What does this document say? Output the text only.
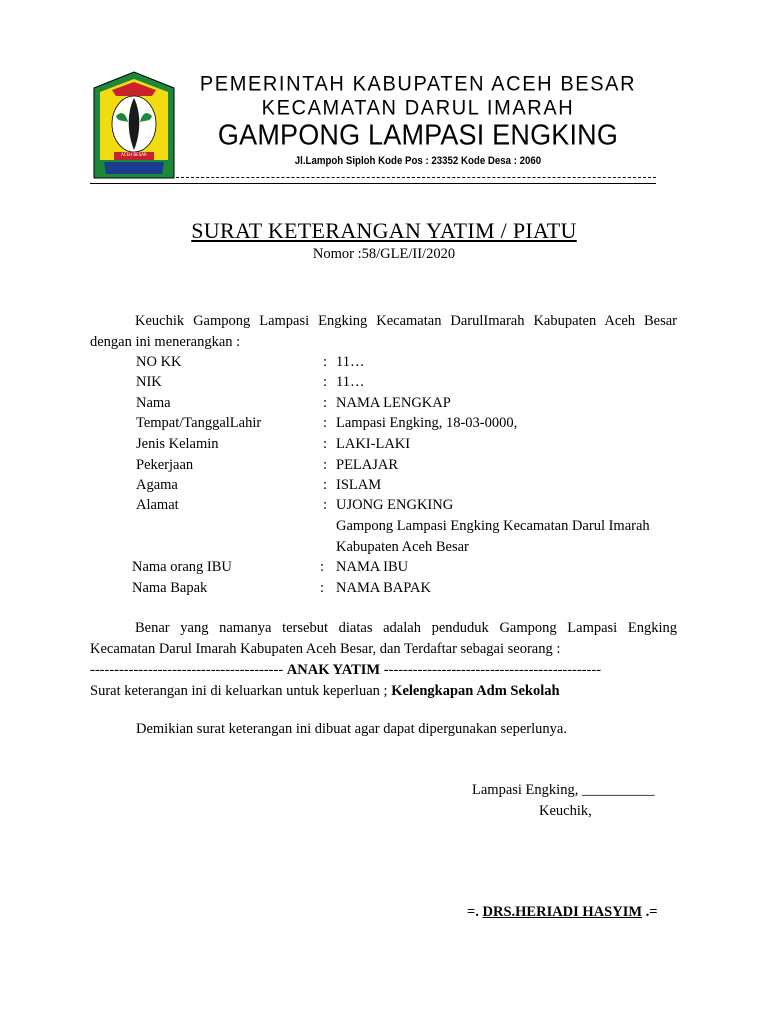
ACEH BESAR
PEMERINTAH KABUPATEN ACEH BESAR
KECAMATAN DARUL IMARAH
GAMPONG LAMPASI ENGKING
Jl.Lampoh Siploh Kode Pos : 23352 Kode Desa : 2060
SURAT KETERANGAN YATIM / PIATU
Nomor :58/GLE/II/2020
Keuchik Gampong Lampasi Engking Kecamatan DarulImarah Kabupaten Aceh Besar dengan ini menerangkan :
NO KK	: 11…
NIK	: 11…
Nama	: NAMA LENGKAP
Tempat/TanggalLahir	: Lampasi Engking, 18-03-0000,
Jenis Kelamin	: LAKI-LAKI
Pekerjaan	: PELAJAR
Agama	: ISLAM
Alamat	: UJONG ENGKING
Gampong Lampasi Engking Kecamatan Darul Imarah
Kabupaten Aceh Besar
Nama orang IBU	: NAMA IBU
Nama Bapak	: NAMA BAPAK
Benar yang namanya tersebut diatas adalah penduduk Gampong Lampasi Engking Kecamatan Darul Imarah Kabupaten Aceh Besar, dan Terdaftar sebagai seorang :
---------------------------------------- ANAK YATIM ---------------------------------------------
Surat keterangan ini di keluarkan untuk keperluan ; Kelengkapan Adm Sekolah
Demikian surat keterangan ini dibuat agar dapat dipergunakan seperlunya.
Lampasi Engking, __________
Keuchik,
=. DRS.HERIADI HASYIM .=
